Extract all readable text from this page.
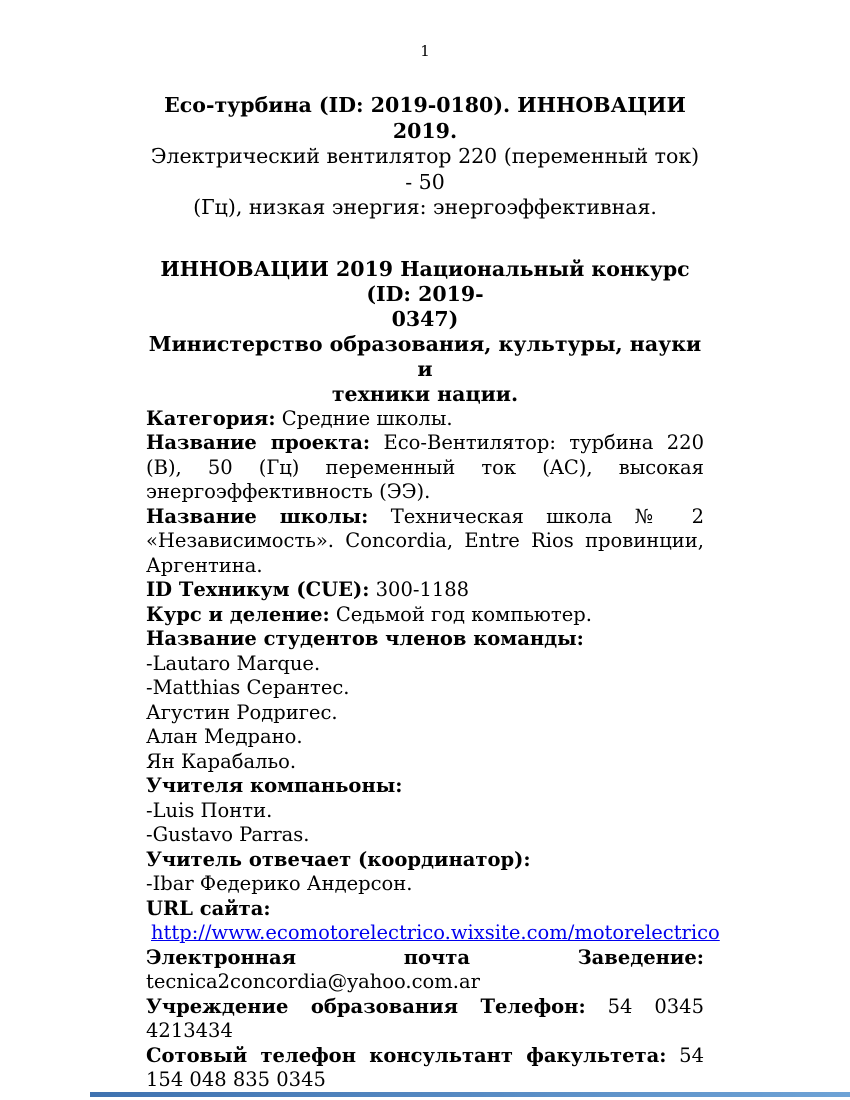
1

Eco-турбина (ID: 2019-0180). ИННОВАЦИИ 2019.

Электрический вентилятор 220 (переменный ток) - 50
(Гц), низкая энергия: энергоэффективная.
ИННОВАЦИИ 2019 Национальный конкурс (ID: 2019-
0347)
Министерство образования, культуры, науки и
техники нации.

Категория: Средние школы.

Название проекта: Eco-Вентилятор: турбина 220 (В), 50 (Гц) переменный ток (AC), высокая энергоэффективность (ЭЭ).

Название школы: Техническая школа № 2 «Независимость». Concordia, Entre Rios провинции, Аргентина.

ID Техникум (CUE): 300-1188

Курс и деление: Седьмой год компьютер.

Название студентов членов команды:

-Lautaro Marque.

-Matthias Серантес.

Агустин Родригес.

Алан Медрано.

Ян Карабальо.

Учителя компаньоны:

-Luis Понти.

-Gustavo Parras.

Учитель отвечает (координатор):

-Ibar Федерико Андерсон.

URL сайта:

http://www.ecomotorelectrico.wixsite.com/motorelectrico

Электронная почта Заведение: tecnica2concordia@yahoo.com.ar

Учреждение образования Телефон: 54 0345 4213434

Сотовый телефон консультант факультета: 54 154 048 835 0345
